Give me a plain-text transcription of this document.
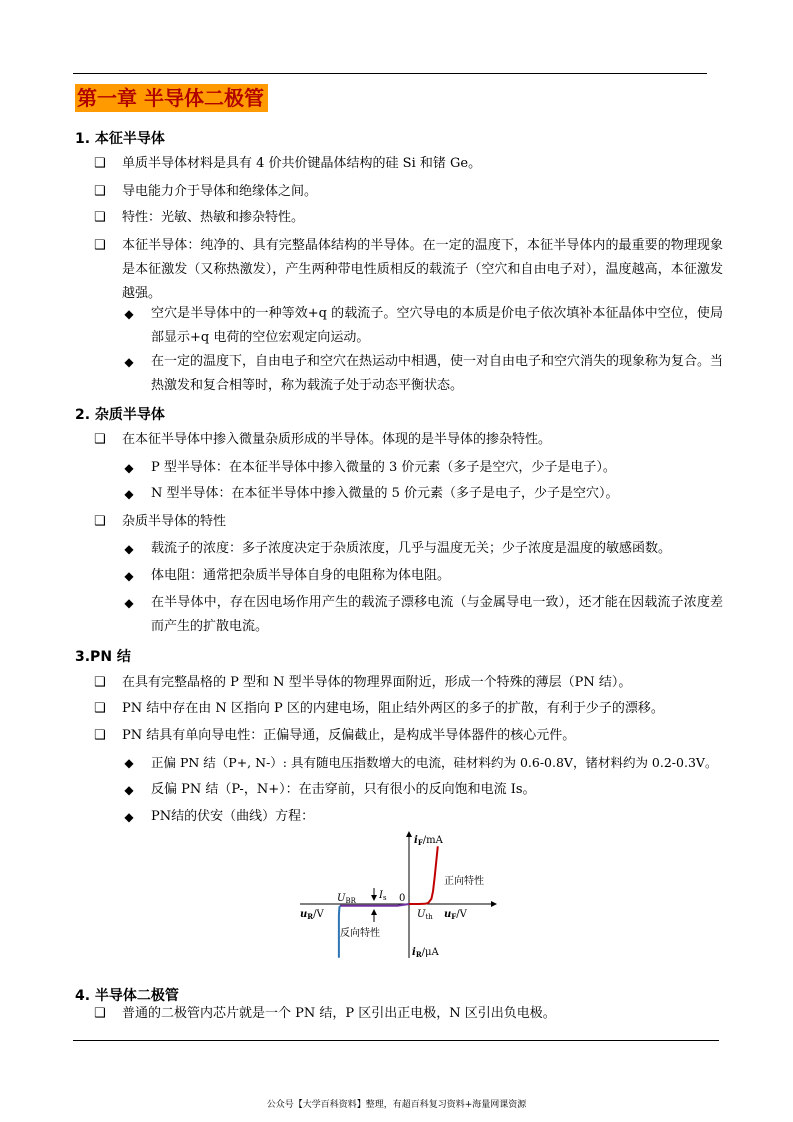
第一章 半导体二极管
1. 本征半导体
❑ 单质半导体材料是具有 4 价共价键晶体结构的硅 Si 和锗 Ge。
❑ 导电能力介于导体和绝缘体之间。
❑ 特性：光敏、热敏和掺杂特性。
❑ 本征半导体：纯净的、具有完整晶体结构的半导体。在一定的温度下，本征半导体内的最重要的物理现象是本征激发（又称热激发），产生两种带电性质相反的载流子（空穴和自由电子对），温度越高，本征激发越强。
◆ 空穴是半导体中的一种等效+q 的载流子。空穴导电的本质是价电子依次填补本征晶体中空位，使局部显示+q 电荷的空位宏观定向运动。
◆ 在一定的温度下，自由电子和空穴在热运动中相遇，使一对自由电子和空穴消失的现象称为复合。当热激发和复合相等时，称为载流子处于动态平衡状态。
2. 杂质半导体
❑ 在本征半导体中掺入微量杂质形成的半导体。体现的是半导体的掺杂特性。
◆ P 型半导体：在本征半导体中掺入微量的 3 价元素（多子是空穴，少子是电子）。
◆ N 型半导体：在本征半导体中掺入微量的 5 价元素（多子是电子，少子是空穴）。
❑ 杂质半导体的特性
◆ 载流子的浓度：多子浓度决定于杂质浓度，几乎与温度无关；少子浓度是温度的敏感函数。
◆ 体电阻：通常把杂质半导体自身的电阻称为体电阻。
◆ 在半导体中，存在因电场作用产生的载流子漂移电流（与金属导电一致），还才能在因载流子浓度差而产生的扩散电流。
3.PN 结
❑ 在具有完整晶格的 P 型和 N 型半导体的物理界面附近，形成一个特殊的薄层（PN 结）。
❑ PN 结中存在由 N 区指向 P 区的内建电场，阻止结外两区的多子的扩散，有利于少子的漂移。
❑ PN 结具有单向导电性：正偏导通，反偏截止，是构成半导体器件的核心元件。
◆ 正偏 PN 结（P+, N-）: 具有随电压指数增大的电流，硅材料约为 0.6-0.8V，锗材料约为 0.2-0.3V。
◆ 反偏 PN 结（P-，N+）：在击穿前，只有很小的反向饱和电流 Is。
◆ PN结的伏安（曲线）方程：
$i_F/mA$
正向特性
$U_{BR}$ $I_s$ 0
$u_R/V$	$U_{th}$ $u_F/V$
反向特性
$i_R/\mu A$
4. 半导体二极管
❑ 普通的二极管内芯片就是一个 PN 结，P 区引出正电极，N 区引出负电极。
公众号【大学百科资料】整理，有超百科复习资料+海量网课资源
